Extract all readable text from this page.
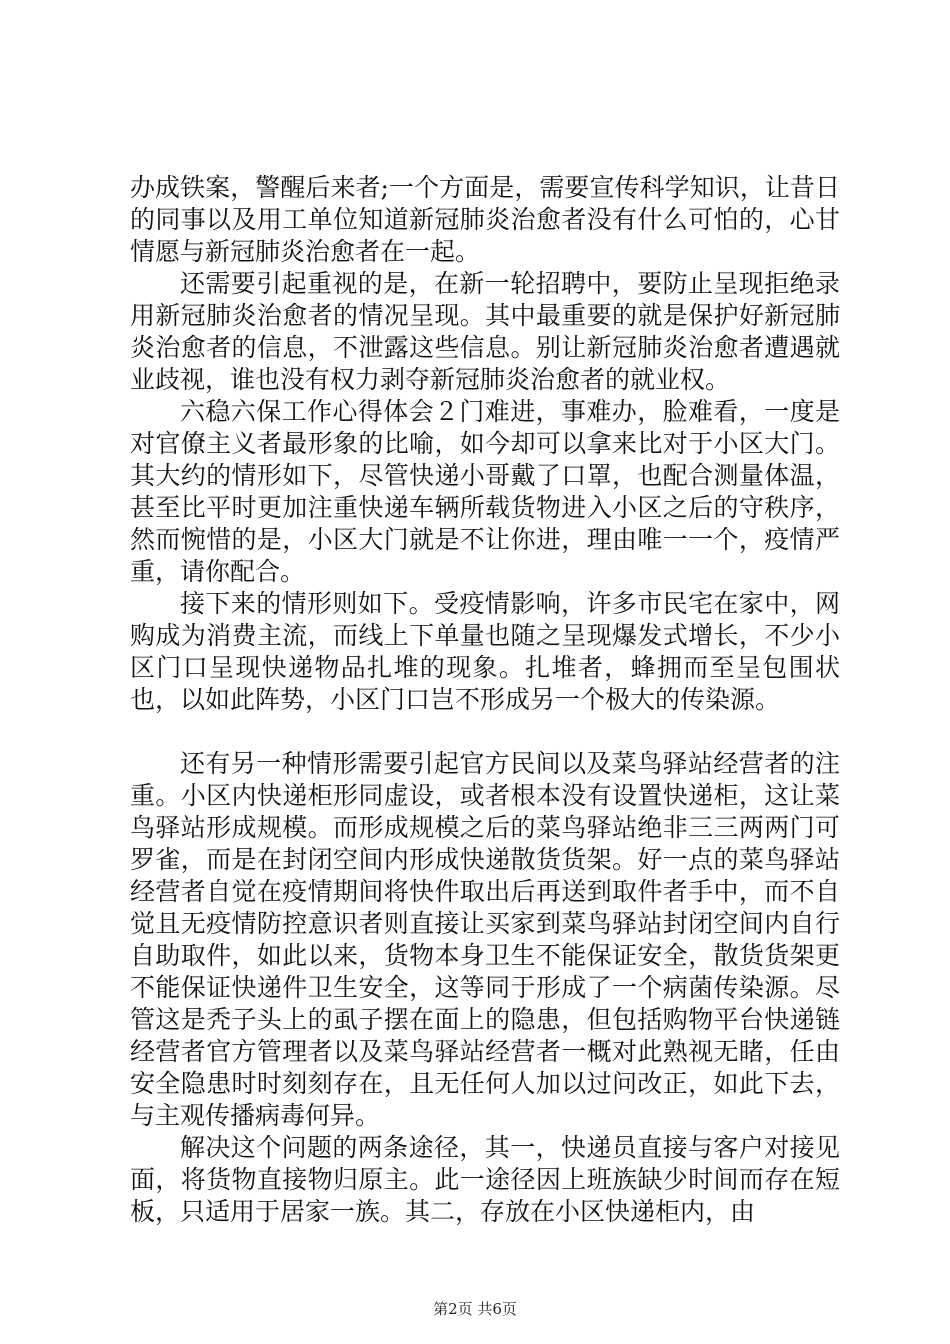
办成铁案，警醒后来者;一个方面是，需要宣传科学知识，让昔日的同事以及用工单位知道新冠肺炎治愈者没有什么可怕的，心甘情愿与新冠肺炎治愈者在一起。

还需要引起重视的是，在新一轮招聘中，要防止呈现拒绝录用新冠肺炎治愈者的情况呈现。其中最重要的就是保护好新冠肺炎治愈者的信息，不泄露这些信息。别让新冠肺炎治愈者遭遇就业歧视，谁也没有权力剥夺新冠肺炎治愈者的就业权。

六稳六保工作心得体会２门难进，事难办，脸难看，一度是对官僚主义者最形象的比喻，如今却可以拿来比对于小区大门。其大约的情形如下，尽管快递小哥戴了口罩，也配合测量体温，甚至比平时更加注重快递车辆所载货物进入小区之后的守秩序，然而惋惜的是，小区大门就是不让你进，理由唯一一个，疫情严重，请你配合。

接下来的情形则如下。受疫情影响，许多市民宅在家中，网购成为消费主流，而线上下单量也随之呈现爆发式增长，不少小区门口呈现快递物品扎堆的现象。扎堆者，蜂拥而至呈包围状也，以如此阵势，小区门口岂不形成另一个极大的传染源。

还有另一种情形需要引起官方民间以及菜鸟驿站经营者的注重。小区内快递柜形同虚设，或者根本没有设置快递柜，这让菜鸟驿站形成规模。而形成规模之后的菜鸟驿站绝非三三两两门可罗雀，而是在封闭空间内形成快递散货货架。好一点的菜鸟驿站经营者自觉在疫情期间将快件取出后再送到取件者手中，而不自觉且无疫情防控意识者则直接让买家到菜鸟驿站封闭空间内自行自助取件，如此以来，货物本身卫生不能保证安全，散货货架更不能保证快递件卫生安全，这等同于形成了一个病菌传染源。尽管这是秃子头上的虱子摆在面上的隐患，但包括购物平台快递链经营者官方管理者以及菜鸟驿站经营者一概对此熟视无睹，任由安全隐患时时刻刻存在，且无任何人加以过问改正，如此下去，与主观传播病毒何异。

解决这个问题的两条途径，其一，快递员直接与客户对接见面，将货物直接物归原主。此一途径因上班族缺少时间而存在短板，只适用于居家一族。其二，存放在小区快递柜内，由

第2页 共6页
